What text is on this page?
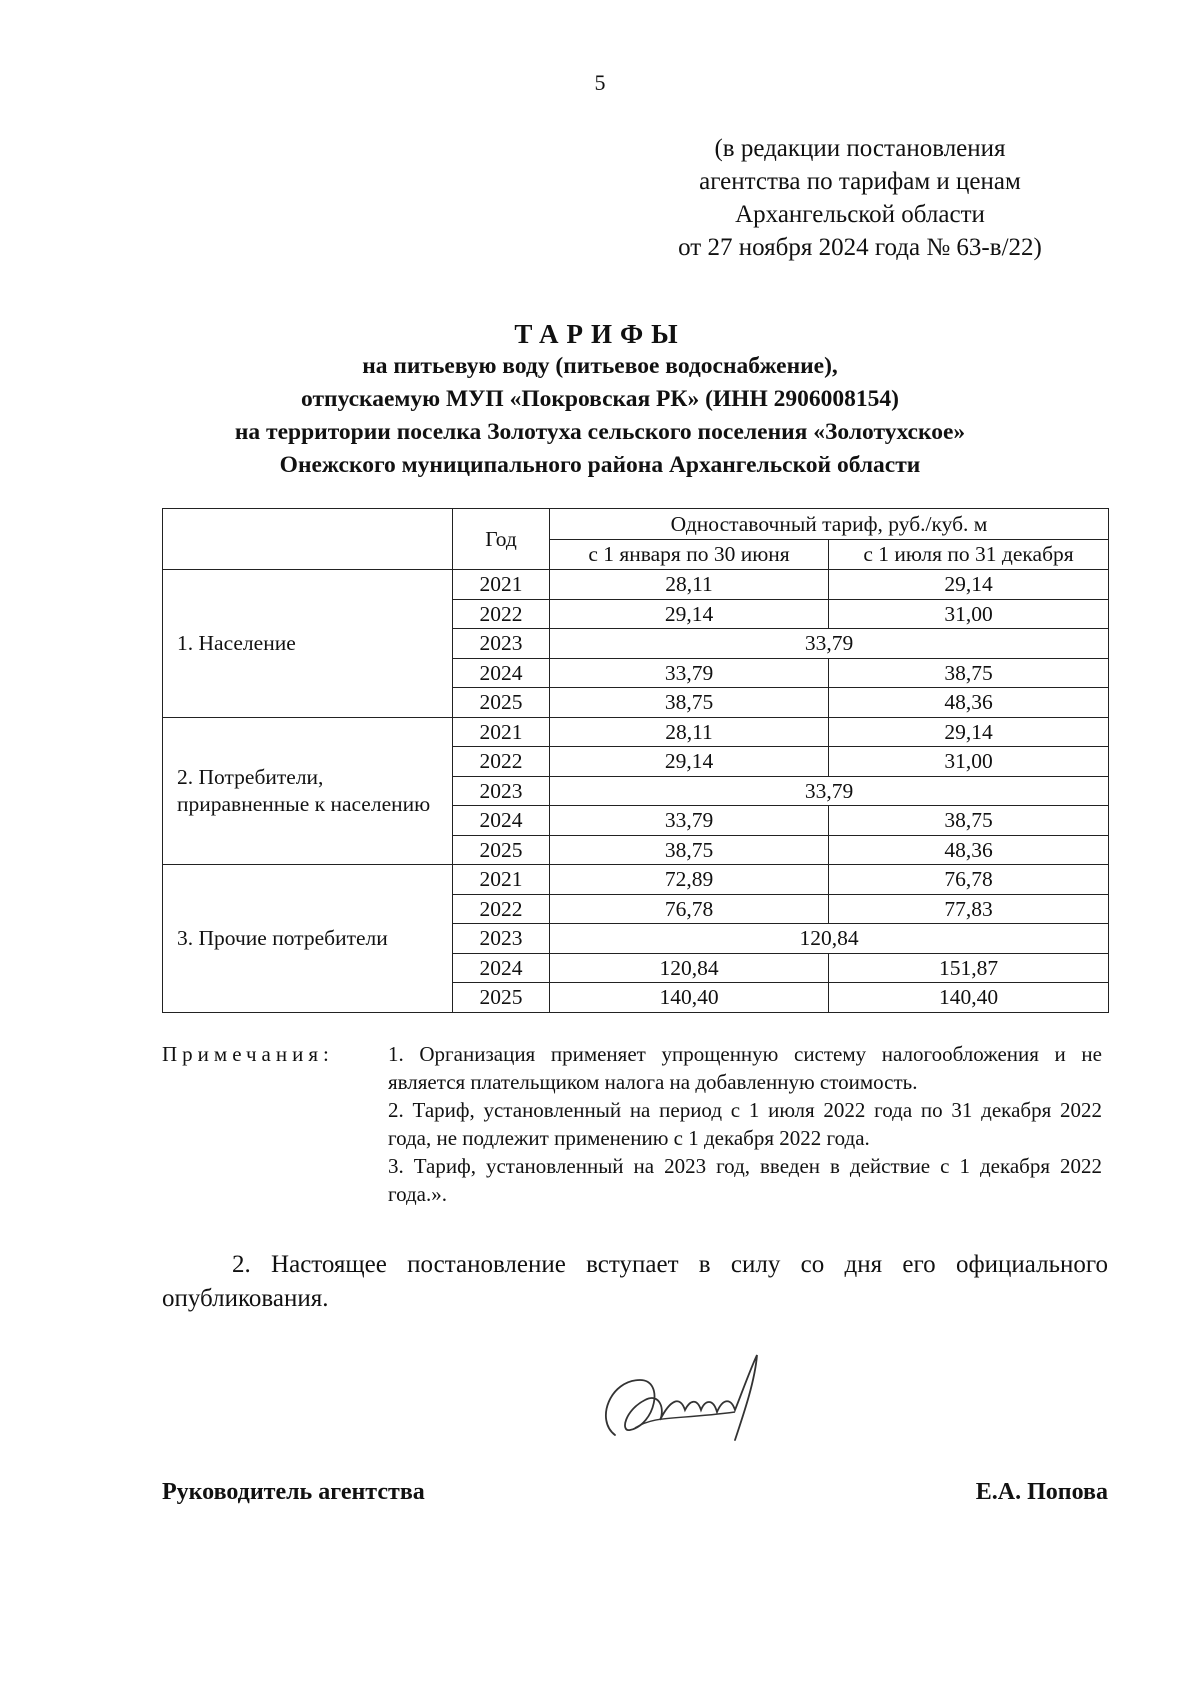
5
(в редакции постановления
агентства по тарифам и ценам
Архангельской области
от 27 ноября 2024 года № 63-в/22)
ТАРИФЫ
на питьевую воду (питьевое водоснабжение),
отпускаемую МУП «Покровская РК» (ИНН 2906008154)
на территории поселка Золотуха сельского поселения «Золотухское»
Онежского муниципального района Архангельской области
	Год	Одноставочный тариф, руб./куб. м	
		с 1 января по 30 июня	с 1 июля по 31 декабря
1. Население	2021	28,11	29,14
	2022	29,14	31,00
	2023	33,79	
	2024	33,79	38,75
	2025	38,75	48,36
2. Потребители, приравненные к населению	2021	28,11	29,14
	2022	29,14	31,00
	2023	33,79	
	2024	33,79	38,75
	2025	38,75	48,36
3. Прочие потребители	2021	72,89	76,78
	2022	76,78	77,83
	2023	120,84	
	2024	120,84	151,87
	2025	140,40	140,40
Примечания:	1. Организация применяет упрощенную систему налогообложения и не является плательщиком налога на добавленную стоимость.
2. Тариф, установленный на период с 1 июля 2022 года по 31 декабря 2022 года, не подлежит применению с 1 декабря 2022 года.
3. Тариф, установленный на 2023 год, введен в действие с 1 декабря 2022 года.».
2. Настоящее постановление вступает в силу со дня его официального опубликования.
Руководитель агентства	Е.А. Попова
